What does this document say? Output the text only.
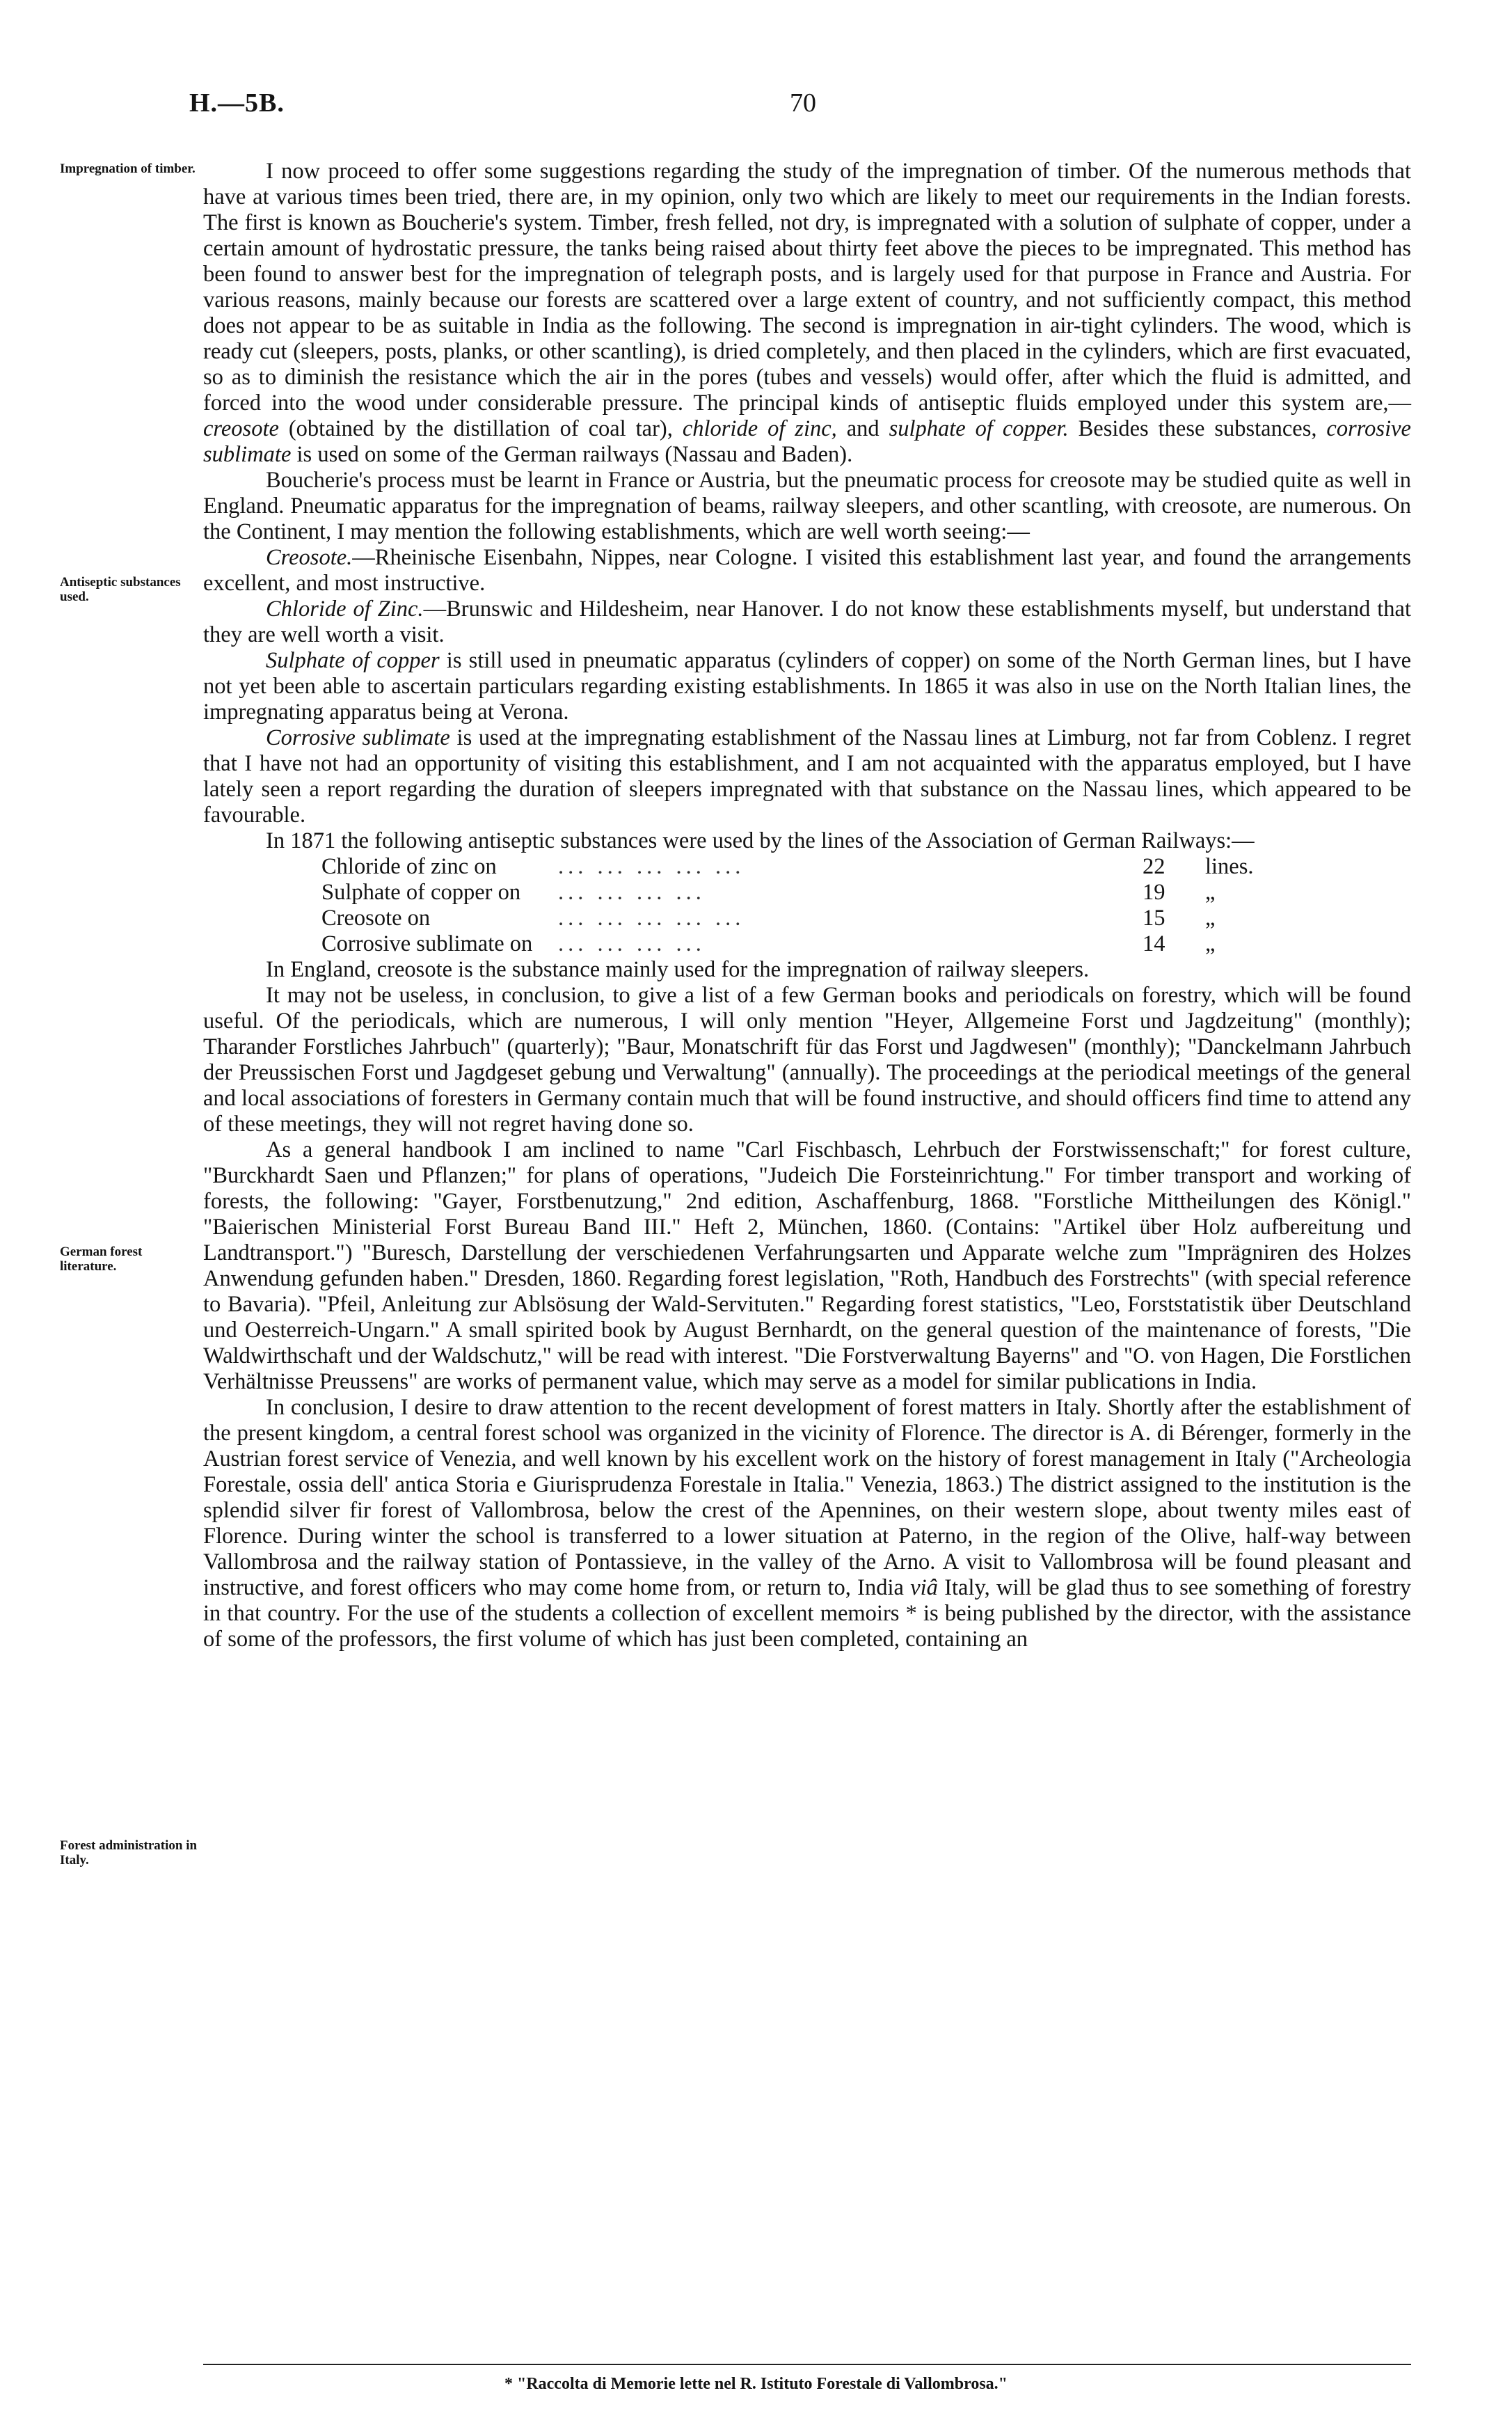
H.—5B.	70
Impregnation of timber.
Antiseptic substances used.
German forest literature.
Forest administration in Italy.

I now proceed to offer some suggestions regarding the study of the impregnation of timber. Of the numerous methods that have at various times been tried, there are, in my opinion, only two which are likely to meet our requirements in the Indian forests. The first is known as Boucherie's system. Timber, fresh felled, not dry, is impregnated with a solution of sulphate of copper, under a certain amount of hydrostatic pressure, the tanks being raised about thirty feet above the pieces to be impregnated. This method has been found to answer best for the impregnation of telegraph posts, and is largely used for that purpose in France and Austria. For various reasons, mainly because our forests are scattered over a large extent of country, and not sufficiently compact, this method does not appear to be as suitable in India as the following. The second is impregnation in air-tight cylinders. The wood, which is ready cut (sleepers, posts, planks, or other scantling), is dried completely, and then placed in the cylinders, which are first evacuated, so as to diminish the resistance which the air in the pores (tubes and vessels) would offer, after which the fluid is admitted, and forced into the wood under considerable pressure. The principal kinds of antiseptic fluids employed under this system are,— creosote (obtained by the distillation of coal tar), chloride of zinc, and sulphate of copper. Besides these substances, corrosive sublimate is used on some of the German railways (Nassau and Baden).

Boucherie's process must be learnt in France or Austria, but the pneumatic process for creosote may be studied quite as well in England. Pneumatic apparatus for the impregnation of beams, railway sleepers, and other scantling, with creosote, are numerous. On the Continent, I may mention the following establishments, which are well worth seeing:—

Creosote.—Rheinische Eisenbahn, Nippes, near Cologne. I visited this establishment last year, and found the arrangements excellent, and most instructive.

Chloride of Zinc.—Brunswic and Hildesheim, near Hanover. I do not know these establishments myself, but understand that they are well worth a visit.

Sulphate of copper is still used in pneumatic apparatus (cylinders of copper) on some of the North German lines, but I have not yet been able to ascertain particulars regarding existing establishments. In 1865 it was also in use on the North Italian lines, the impregnating apparatus being at Verona.

Corrosive sublimate is used at the impregnating establishment of the Nassau lines at Limburg, not far from Coblenz. I regret that I have not had an opportunity of visiting this establishment, and I am not acquainted with the apparatus employed, but I have lately seen a report regarding the duration of sleepers impregnated with that substance on the Nassau lines, which appeared to be favourable.

In 1871 the following antiseptic substances were used by the lines of the Association of German Railways:—

Chloride of zinc on	... ... ... ... ...	22	lines.
Sulphate of copper on	... ... ... ...	19	„
Creosote on	... ... ... ... ...	15	„
Corrosive sublimate on	... ... ... ...	14	„

In England, creosote is the substance mainly used for the impregnation of railway sleepers.

It may not be useless, in conclusion, to give a list of a few German books and periodicals on forestry, which will be found useful. Of the periodicals, which are numerous, I will only mention "Heyer, Allgemeine Forst und Jagdzeitung" (monthly); Tharander Forstliches Jahrbuch" (quarterly); "Baur, Monatschrift für das Forst und Jagdwesen" (monthly); "Danckelmann Jahrbuch der Preussischen Forst und Jagdgeset gebung und Verwaltung" (annually). The proceedings at the periodical meetings of the general and local associations of foresters in Germany contain much that will be found instructive, and should officers find time to attend any of these meetings, they will not regret having done so.

As a general handbook I am inclined to name "Carl Fischbasch, Lehrbuch der Forstwissenschaft;" for forest culture, "Burckhardt Saen und Pflanzen;" for plans of operations, "Judeich Die Forsteinrichtung." For timber transport and working of forests, the following: "Gayer, Forstbenutzung," 2nd edition, Aschaffenburg, 1868. "Forstliche Mittheilungen des Königl." "Baierischen Ministerial Forst Bureau Band III." Heft 2, München, 1860. (Contains: "Artikel über Holz aufbereitung und Landtransport.") "Buresch, Darstellung der verschiedenen Verfahrungsarten und Apparate welche zum "Imprägniren des Holzes Anwendung gefunden haben." Dresden, 1860. Regarding forest legislation, "Roth, Handbuch des Forstrechts" (with special reference to Bavaria). "Pfeil, Anleitung zur Ablsösung der Wald-Servituten." Regarding forest statistics, "Leo, Forststatistik über Deutschland und Oesterreich-Ungarn." A small spirited book by August Bernhardt, on the general question of the maintenance of forests, "Die Waldwirthschaft und der Waldschutz," will be read with interest. "Die Forstverwaltung Bayerns" and "O. von Hagen, Die Forstlichen Verhältnisse Preussens" are works of permanent value, which may serve as a model for similar publications in India.

In conclusion, I desire to draw attention to the recent development of forest matters in Italy. Shortly after the establishment of the present kingdom, a central forest school was organized in the vicinity of Florence. The director is A. di Bérenger, formerly in the Austrian forest service of Venezia, and well known by his excellent work on the history of forest management in Italy ("Archeologia Forestale, ossia dell' antica Storia e Giurisprudenza Forestale in Italia." Venezia, 1863.) The district assigned to the institution is the splendid silver fir forest of Vallombrosa, below the crest of the Apennines, on their western slope, about twenty miles east of Florence. During winter the school is transferred to a lower situation at Paterno, in the region of the Olive, half-way between Vallombrosa and the railway station of Pontassieve, in the valley of the Arno. A visit to Vallombrosa will be found pleasant and instructive, and forest officers who may come home from, or return to, India viâ Italy, will be glad thus to see something of forestry in that country. For the use of the students a collection of excellent memoirs * is being published by the director, with the assistance of some of the professors, the first volume of which has just been completed, containing an

* "Raccolta di Memorie lette nel R. Istituto Forestale di Vallombrosa."
